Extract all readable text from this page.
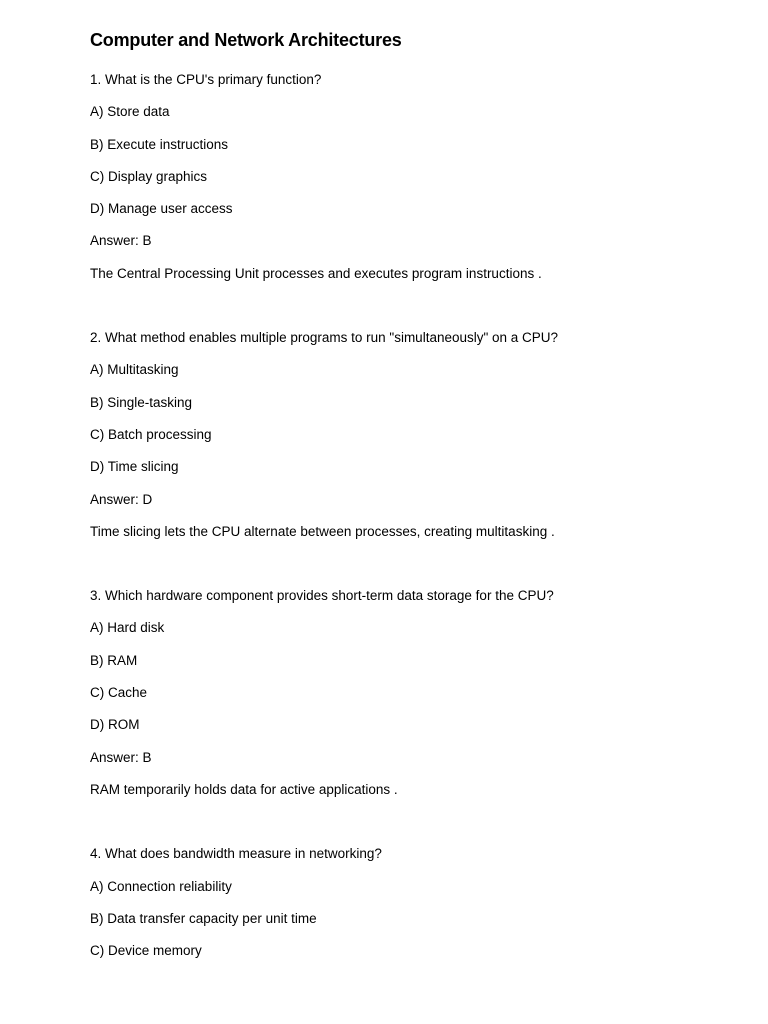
Computer and Network Architectures

1. What is the CPU's primary function?

A) Store data

B) Execute instructions

C) Display graphics

D) Manage user access

Answer: B

The Central Processing Unit processes and executes program instructions .

2. What method enables multiple programs to run "simultaneously" on a CPU?

A) Multitasking

B) Single-tasking

C) Batch processing

D) Time slicing

Answer: D

Time slicing lets the CPU alternate between processes, creating multitasking .

3. Which hardware component provides short-term data storage for the CPU?

A) Hard disk

B) RAM

C) Cache

D) ROM

Answer: B

RAM temporarily holds data for active applications .

4. What does bandwidth measure in networking?

A) Connection reliability

B) Data transfer capacity per unit time

C) Device memory
